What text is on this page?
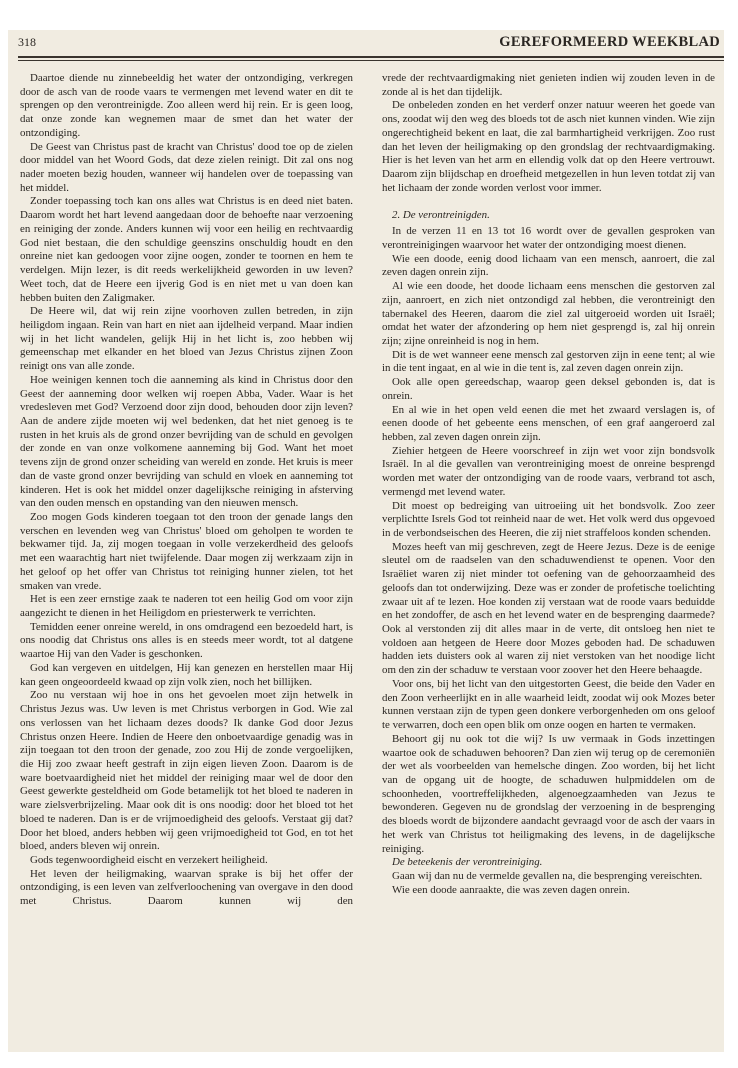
318	GEREFORMEERD WEEKBLAD

Daartoe diende nu zinnebeeldig het water der ontzondiging, verkregen door de asch van de roode vaars te vermengen met levend water en dit te sprengen op den verontreinigde. Zoo alleen werd hij rein. Er is geen loog, dat onze zonde kan wegnemen maar de smet dan het water der ontzondiging.

De Geest van Christus past de kracht van Christus' dood toe op de zielen door middel van het Woord Gods, dat deze zielen reinigt. Dit zal ons nog nader moeten bezig houden, wanneer wij handelen over de toepassing van het middel.

Zonder toepassing toch kan ons alles wat Christus is en deed niet baten. Daarom wordt het hart levend aangedaan door de behoefte naar verzoening en reiniging der zonde. Anders kunnen wij voor een heilig en rechtvaardig God niet bestaan, die den schuldige geenszins onschuldig houdt en den onreine niet kan gedoogen voor zijne oogen, zonder te toornen en hem te verdelgen. Mijn lezer, is dit reeds werkelijkheid geworden in uw leven? Weet toch, dat de Heere een ijverig God is en niet met u van doen kan hebben buiten den Zaligmaker.

De Heere wil, dat wij rein zijne voorhoven zullen betreden, in zijn heiligdom ingaan. Rein van hart en niet aan ijdelheid verpand. Maar indien wij in het licht wandelen, gelijk Hij in het licht is, zoo hebben wij gemeenschap met elkander en het bloed van Jezus Christus zijnen Zoon reinigt ons van alle zonde.

Hoe weinigen kennen toch die aanneming als kind in Christus door den Geest der aanneming door welken wij roepen Abba, Vader. Waar is het vredesleven met God? Verzoend door zijn dood, behouden door zijn leven? Aan de andere zijde moeten wij wel bedenken, dat het niet genoeg is te rusten in het kruis als de grond onzer bevrijding van de schuld en gevolgen der zonde en van onze volkomene aanneming bij God. Want het moet tevens zijn de grond onzer scheiding van wereld en zonde. Het kruis is meer dan de vaste grond onzer bevrijding van schuld en vloek en aanneming tot kinderen. Het is ook het middel onzer dagelijksche reiniging in afsterving van den ouden mensch en opstanding van den nieuwen mensch.

Zoo mogen Gods kinderen toegaan tot den troon der genade langs den verschen en levenden weg van Christus' bloed om geholpen te worden te bekwamer tijd. Ja, zij mogen toegaan in volle verzekerdheid des geloofs met een waarachtig hart niet twijfelende. Daar mogen zij werkzaam zijn in het geloof op het offer van Christus tot reiniging hunner zielen, tot het smaken van vrede.

Het is een zeer ernstige zaak te naderen tot een heilig God om voor zijn aangezicht te dienen in het Heiligdom en priesterwerk te verrichten.

Temidden eener onreine wereld, in ons omdragend een bezoedeld hart, is ons noodig dat Christus ons alles is en steeds meer wordt, tot al datgene waartoe Hij van den Vader is geschonken.

God kan vergeven en uitdelgen, Hij kan genezen en herstellen maar Hij kan geen ongeoordeeld kwaad op zijn volk zien, noch het billijken.

Zoo nu verstaan wij hoe in ons het gevoelen moet zijn hetwelk in Christus Jezus was. Uw leven is met Christus verborgen in God. Wie zal ons verlossen van het lichaam dezes doods? Ik danke God door Jezus Christus onzen Heere. Indien de Heere den onboetvaardige genadig was in zijn toegaan tot den troon der genade, zoo zou Hij de zonde vergoelijken, die Hij zoo zwaar heeft gestraft in zijn eigen lieven Zoon. Daarom is de ware boetvaardigheid niet het middel der reiniging maar wel de door den Geest gewerkte gesteldheid om Gode betamelijk tot het bloed te naderen in ware zielsverbrijzeling. Maar ook dit is ons noodig: door het bloed tot het bloed te naderen. Dan is er de vrijmoedigheid des geloofs. Verstaat gij dat? Door het bloed, anders hebben wij geen vrijmoedigheid tot God, en tot het bloed, anders bleven wij onrein.

Gods tegenwoordigheid eischt en verzekert heiligheid.

Het leven der heiligmaking, waarvan sprake is bij het offer der ontzondiging, is een leven van zelfverloochening van overgave in den dood met Christus. Daarom kunnen wij den

vrede der rechtvaardigmaking niet genieten indien wij zouden leven in de zonde al is het dan tijdelijk.

De onbeleden zonden en het verderf onzer natuur weeren het goede van ons, zoodat wij den weg des bloeds tot de asch niet kunnen vinden. Wie zijn ongerechtigheid bekent en laat, die zal barmhartigheid verkrijgen. Zoo rust dan het leven der heiligmaking op den grondslag der rechtvaardigmaking. Hier is het leven van het arm en ellendig volk dat op den Heere vertrouwt. Daarom zijn blijdschap en droefheid metgezellen in hun leven totdat zij van het lichaam der zonde worden verlost voor immer.

2. De verontreinigden.

In de verzen 11 en 13 tot 16 wordt over de gevallen gesproken van verontreinigingen waarvoor het water der ontzondiging moest dienen.

Wie een doode, eenig dood lichaam van een mensch, aanroert, die zal zeven dagen onrein zijn.

Al wie een doode, het doode lichaam eens menschen die gestorven zal zijn, aanroert, en zich niet ontzondigd zal hebben, die verontreinigt den tabernakel des Heeren, daarom die ziel zal uitgeroeid worden uit Israël; omdat het water der afzondering op hem niet gesprengd is, zal hij onrein zijn; zijne onreinheid is nog in hem.

Dit is de wet wanneer eene mensch zal gestorven zijn in eene tent; al wie in die tent ingaat, en al wie in die tent is, zal zeven dagen onrein zijn.

Ook alle open gereedschap, waarop geen deksel gebonden is, dat is onrein.

En al wie in het open veld eenen die met het zwaard verslagen is, of eenen doode of het gebeente eens menschen, of een graf aangeroerd zal hebben, zal zeven dagen onrein zijn.

Ziehier hetgeen de Heere voorschreef in zijn wet voor zijn bondsvolk Israël. In al die gevallen van verontreiniging moest de onreine besprengd worden met water der ontzondiging van de roode vaars, verbrand tot asch, vermengd met levend water.

Dit moest op bedreiging van uitroeiing uit het bondsvolk. Zoo zeer verplichtte Isrels God tot reinheid naar de wet. Het volk werd dus opgevoed in de verbondseischen des Heeren, die zij niet straffeloos konden schenden.

Mozes heeft van mij geschreven, zegt de Heere Jezus. Deze is de eenige sleutel om de raadselen van den schaduwendienst te openen. Voor den Israëliet waren zij niet minder tot oefening van de gehoorzaamheid des geloofs dan tot onderwijzing. Deze was er zonder de profetische toelichting zwaar uit af te lezen. Hoe konden zij verstaan wat de roode vaars beduidde en het zondoffer, de asch en het levend water en de besprenging daarmede? Ook al verstonden zij dit alles maar in de verte, dit ontsloeg hen niet te voldoen aan hetgeen de Heere door Mozes geboden had. De schaduwen hadden iets duisters ook al waren zij niet verstoken van het noodige licht om den zin der schaduw te verstaan voor zoover het den Heere behaagde.

Voor ons, bij het licht van den uitgestorten Geest, die beide den Vader en den Zoon verheerlijkt en in alle waarheid leidt, zoodat wij ook Mozes beter kunnen verstaan zijn de typen geen donkere verborgenheden om ons geloof te verwarren, doch een open blik om onze oogen en harten te vermaken.

Behoort gij nu ook tot die wij? Is uw vermaak in Gods inzettingen waartoe ook de schaduwen behooren? Dan zien wij terug op de ceremoniën der wet als voorbeelden van hemelsche dingen. Zoo worden, bij het licht van de opgang uit de hoogte, de schaduwen hulpmiddelen om de schoonheden, voortreffelijkheden, algenoegzaamheden van Jezus te bewonderen. Gegeven nu de grondslag der verzoening in de besprenging des bloeds wordt de bijzondere aandacht gevraagd voor de asch der vaars in het werk van Christus tot heiligmaking des levens, in de dagelijksche reiniging.

De beteekenis der verontreiniging.

Gaan wij dan nu de vermelde gevallen na, die besprenging vereischten.

Wie een doode aanraakte, die was zeven dagen onrein.
